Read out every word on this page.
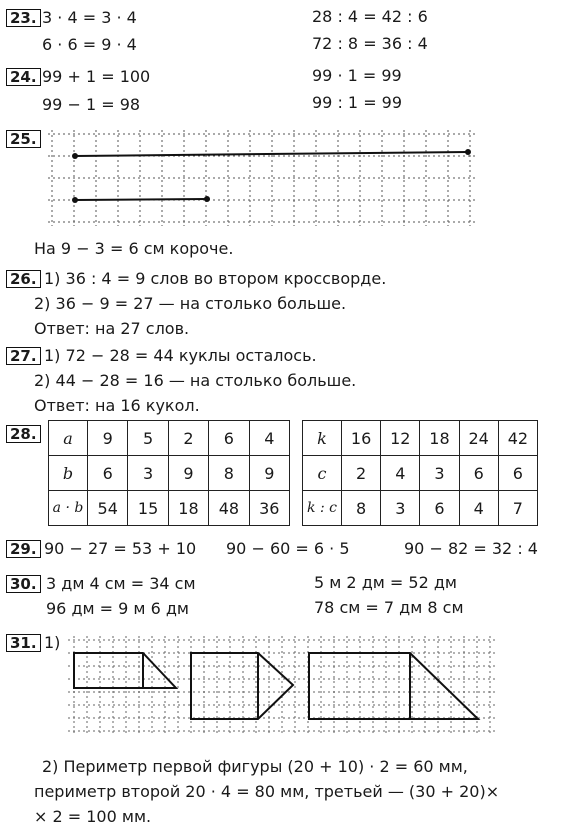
23. 3 · 4 = 3 · 4
6 · 6 = 9 · 4
28 : 4 = 42 : 6
72 : 8 = 36 : 4
24. 99 + 1 = 100
99 − 1 = 98
99 · 1 = 99
99 : 1 = 99
25.
На 9 − 3 = 6 см короче.
26. 1) 36 : 4 = 9 слов во втором кроссворде.
2) 36 − 9 = 27 — на столько больше.
Ответ: на 27 слов.
27. 1) 72 − 28 = 44 куклы осталось.
2) 44 − 28 = 16 — на столько больше.
Ответ: на 16 кукол.
28. a	9	5	2	6	4
b	6	3	9	8	9
a · b	54	15	18	48	36
k	16	12	18	24	42
c	2	4	3	6	6
k : c	8	3	6	4	7
29. 90 − 27 = 53 + 10 90 − 60 = 6 · 5	90 − 82 = 32 : 4
30. 3 дм 4 см = 34 см
96 дм = 9 м 6 дм
5 м 2 дм = 52 дм
78 см = 7 дм 8 см
31. 1)
2) Периметр первой фигуры (20 + 10) · 2 = 60 мм,
периметр второй 20 · 4 = 80 мм, третьей — (30 + 20)×
× 2 = 100 мм.
